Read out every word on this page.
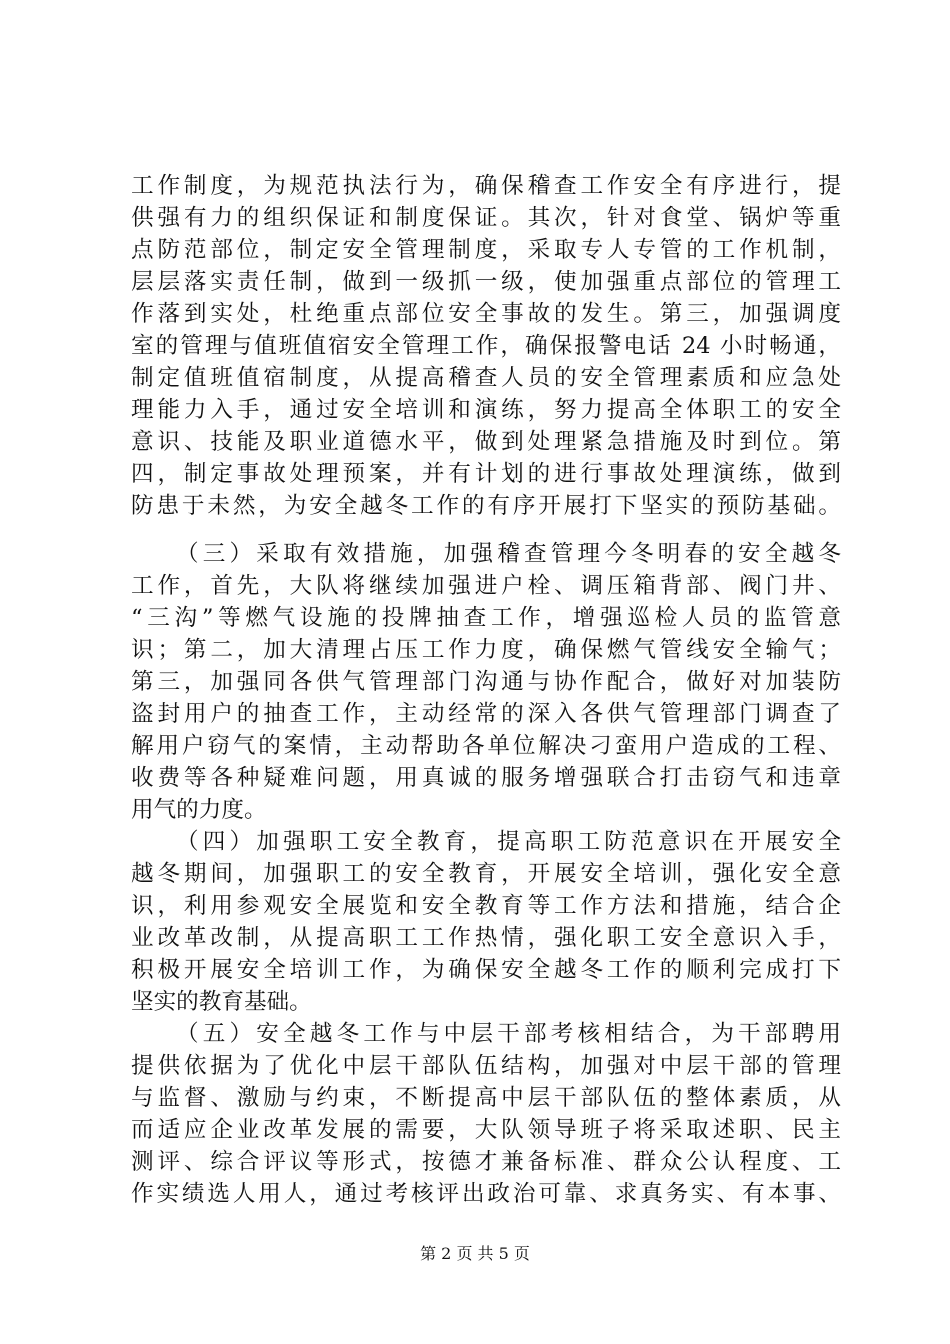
工作制度，为规范执法行为，确保稽查工作安全有序进行，提
供强有力的组织保证和制度保证。其次，针对食堂、锅炉等重
点防范部位，制定安全管理制度，采取专人专管的工作机制，
层层落实责任制，做到一级抓一级，使加强重点部位的管理工
作落到实处，杜绝重点部位安全事故的发生。第三，加强调度
室的管理与值班值宿安全管理工作，确保报警电话 24 小时畅通，
制定值班值宿制度，从提高稽查人员的安全管理素质和应急处
理能力入手，通过安全培训和演练，努力提高全体职工的安全
意识、技能及职业道德水平，做到处理紧急措施及时到位。第
四，制定事故处理预案，并有计划的进行事故处理演练，做到
防患于未然，为安全越冬工作的有序开展打下坚实的预防基础。
（三）采取有效措施，加强稽查管理今冬明春的安全越冬
工作，首先，大队将继续加强进户栓、调压箱背部、阀门井、
“三沟”等燃气设施的投牌抽查工作，增强巡检人员的监管意
识；第二，加大清理占压工作力度，确保燃气管线安全输气；
第三，加强同各供气管理部门沟通与协作配合，做好对加装防
盗封用户的抽查工作，主动经常的深入各供气管理部门调查了
解用户窃气的案情，主动帮助各单位解决刁蛮用户造成的工程、
收费等各种疑难问题，用真诚的服务增强联合打击窃气和违章
用气的力度。
（四）加强职工安全教育，提高职工防范意识在开展安全
越冬期间，加强职工的安全教育，开展安全培训，强化安全意
识，利用参观安全展览和安全教育等工作方法和措施，结合企
业改革改制，从提高职工工作热情，强化职工安全意识入手，
积极开展安全培训工作，为确保安全越冬工作的顺利完成打下
坚实的教育基础。
（五）安全越冬工作与中层干部考核相结合，为干部聘用
提供依据为了优化中层干部队伍结构，加强对中层干部的管理
与监督、激励与约束，不断提高中层干部队伍的整体素质，从
而适应企业改革发展的需要，大队领导班子将采取述职、民主
测评、综合评议等形式，按德才兼备标准、群众公认程度、工
作实绩选人用人，通过考核评出政治可靠、求真务实、有本事、
第 2 页 共 5 页
